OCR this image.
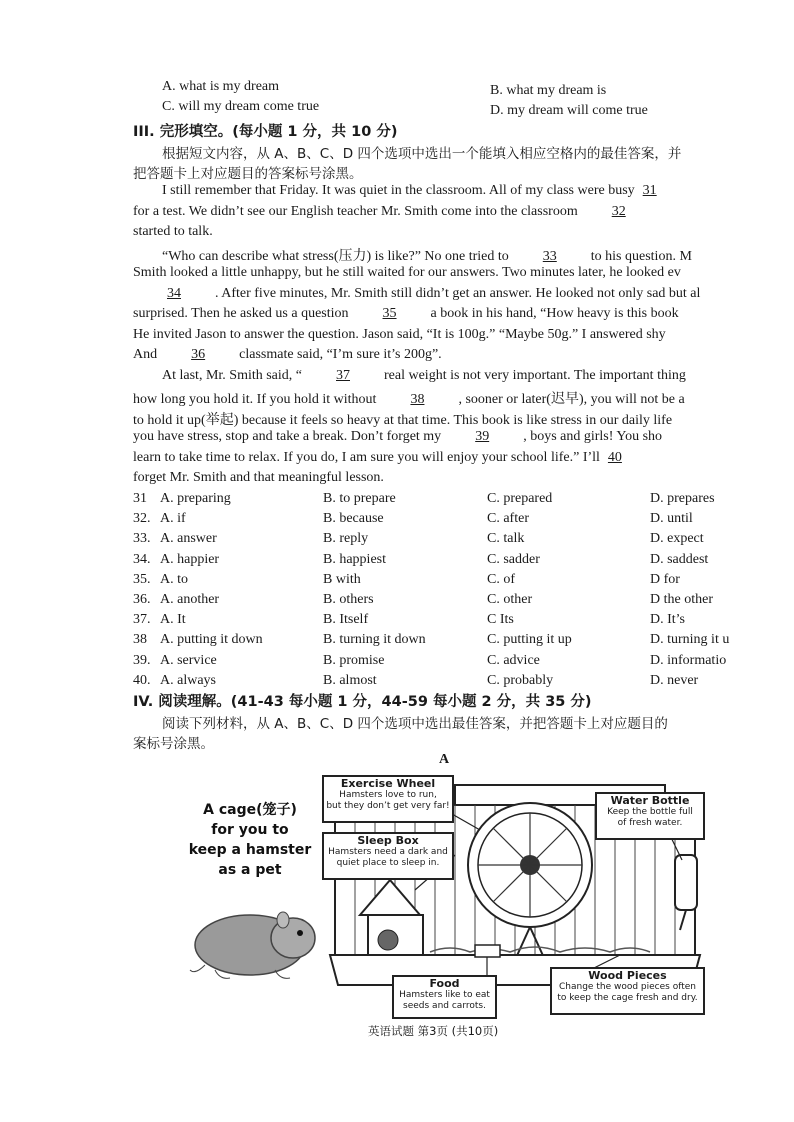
A. what is my dream	B. what my dream is
C. will my dream come true	D. my dream will come true
III. 完形填空。(每小题 1 分，共 10 分)
根据短文内容，从 A、B、C、D 四个选项中选出一个能填入相应空格内的最佳答案，并
把答题卡上对应题目的答案标号涂黑。
I still remember that Friday. It was quiet in the classroom. All of my class were busy 31
for a test. We didn’t see our English teacher Mr. Smith come into the classroom 32
started to talk.
“Who can describe what stress(压力) is like?” No one tried to 33 to his question. M
Smith looked a little unhappy, but he still waited for our answers. Two minutes later, he looked ev
34 . After five minutes, Mr. Smith still didn’t get an answer. He looked not only sad but al
surprised. Then he asked us a question 35 a book in his hand, “How heavy is this book
He invited Jason to answer the question. Jason said, “It is 100g.” “Maybe 50g.” I answered shy
And 36 classmate said, “I’m sure it’s 200g”.
At last, Mr. Smith said, “ 37 real weight is not very important. The important thing
how long you hold it. If you hold it without 38 , sooner or later(迟早), you will not be a
to hold it up(举起) because it feels so heavy at that time. This book is like stress in our daily life
you have stress, stop and take a break. Don’t forget my 39 , boys and girls! You sho
learn to take time to relax. If you do, I am sure you will enjoy your school life.” I’ll 40
forget Mr. Smith and that meaningful lesson.
31 A. preparing	B. to prepare	C. prepared	D. prepares
32. A. if	B. because	C. after	D. until
33. A. answer	B. reply	C. talk	D. expect
34. A. happier	B. happiest	C. sadder	D. saddest
35. A. to	B with	C. of	D for
36. A. another	B. others	C. other	D the other
37. A. It	B. Itself	C Its	D. It’s
38 A. putting it down	B. turning it down	C. putting it up	D. turning it u
39. A. service	B. promise	C. advice	D. informatio
40. A. always	B. almost	C. probably	D. never
IV. 阅读理解。(41-43 每小题 1 分，44-59 每小题 2 分，共 35 分)
阅读下列材料，从 A、B、C、D 四个选项中选出最佳答案，并把答题卡上对应题目的
案标号涂黑。
A
A cage(笼子)
for you to
keep a hamster
as a pet
Exercise Wheel
Hamsters love to run,
but they don’t get very far!
Sleep Box
Hamsters need a dark and
quiet place to sleep in.
Water Bottle
Keep the bottle full
of fresh water.
Food
Hamsters like to eat
seeds and carrots.
Wood Pieces
Change the wood pieces often
to keep the cage fresh and dry.
英语试题 第3页 (共10页)
